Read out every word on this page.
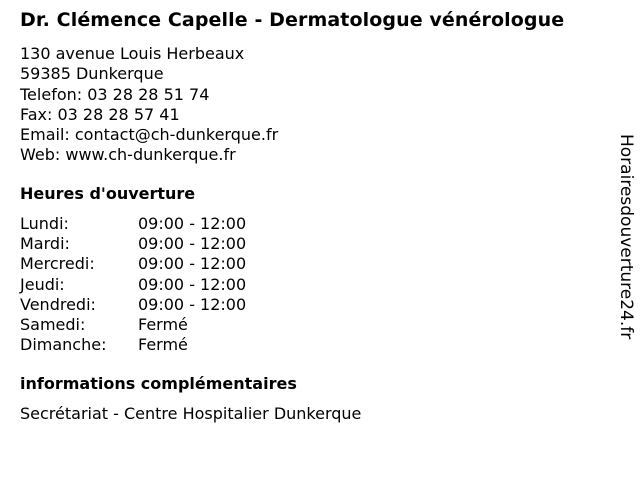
Dr. Clémence Capelle - Dermatologue vénérologue
130 avenue Louis Herbeaux
59385 Dunkerque
Telefon: 03 28 28 51 74
Fax: 03 28 28 57 41
Email: contact@ch-dunkerque.fr
Web: www.ch-dunkerque.fr
Heures d'ouverture
Lundi:	09:00 - 12:00
Mardi:	09:00 - 12:00
Mercredi:	09:00 - 12:00
Jeudi:	09:00 - 12:00
Vendredi:	09:00 - 12:00
Samedi:	Fermé
Dimanche: Fermé
informations complémentaires
Secrétariat - Centre Hospitalier Dunkerque
Horairesdouverture24.fr
